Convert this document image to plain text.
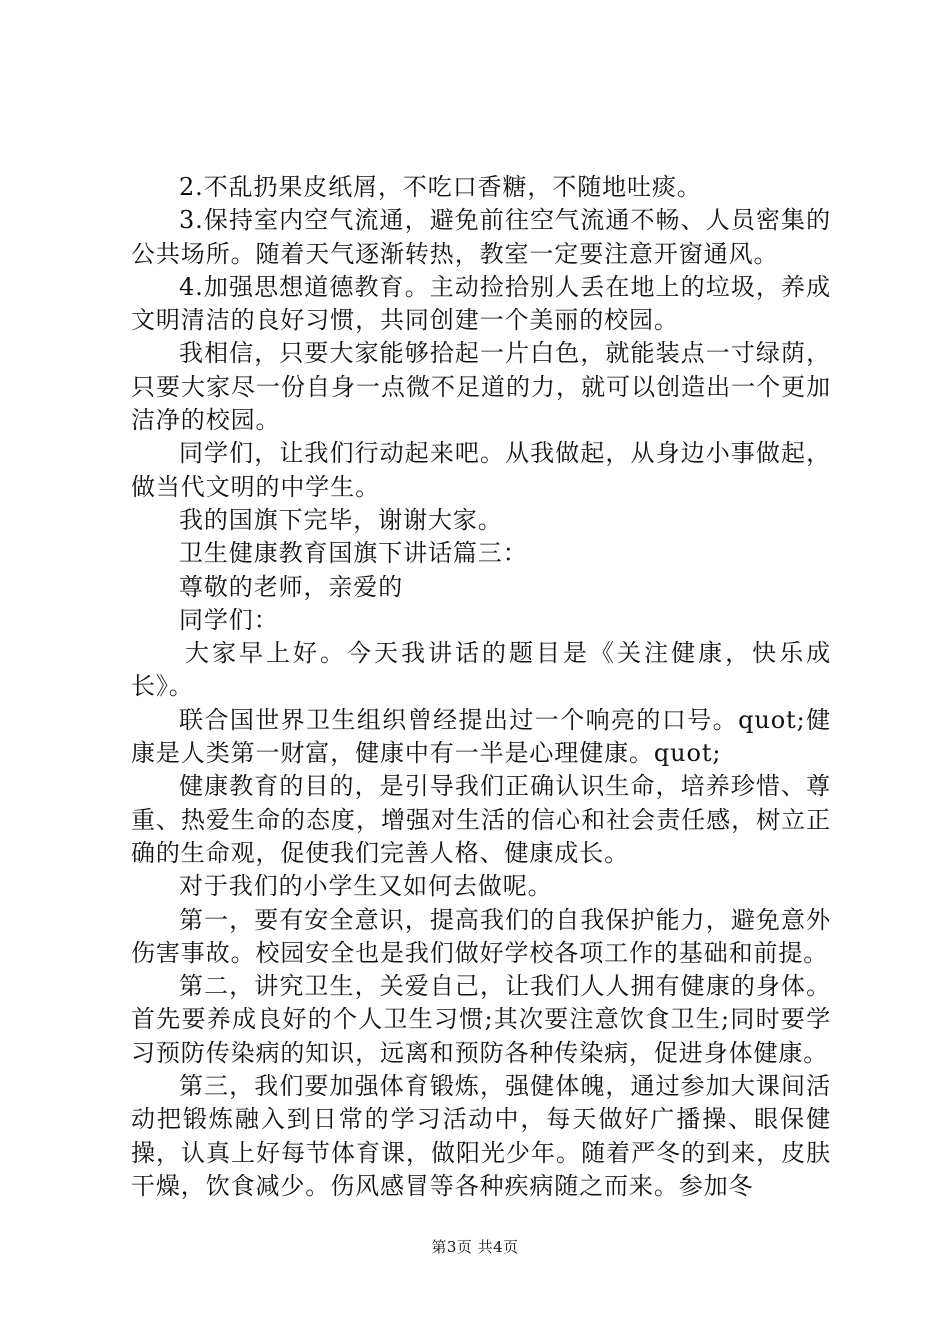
2.不乱扔果皮纸屑，不吃口香糖，不随地吐痰。

3.保持室内空气流通，避免前往空气流通不畅、人员密集的公共场所。随着天气逐渐转热，教室一定要注意开窗通风。

4.加强思想道德教育。主动捡拾别人丢在地上的垃圾，养成文明清洁的良好习惯，共同创建一个美丽的校园。

我相信，只要大家能够拾起一片白色，就能装点一寸绿荫，只要大家尽一份自身一点微不足道的力，就可以创造出一个更加洁净的校园。

同学们，让我们行动起来吧。从我做起，从身边小事做起，做当代文明的中学生。

我的国旗下完毕，谢谢大家。

卫生健康教育国旗下讲话篇三：

尊敬的老师，亲爱的

同学们：

大家早上好。今天我讲话的题目是《关注健康，快乐成长》。

联合国世界卫生组织曾经提出过一个响亮的口号。quot;健康是人类第一财富，健康中有一半是心理健康。quot;

健康教育的目的，是引导我们正确认识生命，培养珍惜、尊重、热爱生命的态度，增强对生活的信心和社会责任感，树立正确的生命观，促使我们完善人格、健康成长。

对于我们的小学生又如何去做呢。

第一，要有安全意识，提高我们的自我保护能力，避免意外伤害事故。校园安全也是我们做好学校各项工作的基础和前提。

第二，讲究卫生，关爱自己，让我们人人拥有健康的身体。首先要养成良好的个人卫生习惯;其次要注意饮食卫生;同时要学习预防传染病的知识，远离和预防各种传染病，促进身体健康。

第三，我们要加强体育锻炼，强健体魄，通过参加大课间活动把锻炼融入到日常的学习活动中，每天做好广播操、眼保健操，认真上好每节体育课，做阳光少年。随着严冬的到来，皮肤干燥，饮食减少。伤风感冒等各种疾病随之而来。参加冬

第3页 共4页
